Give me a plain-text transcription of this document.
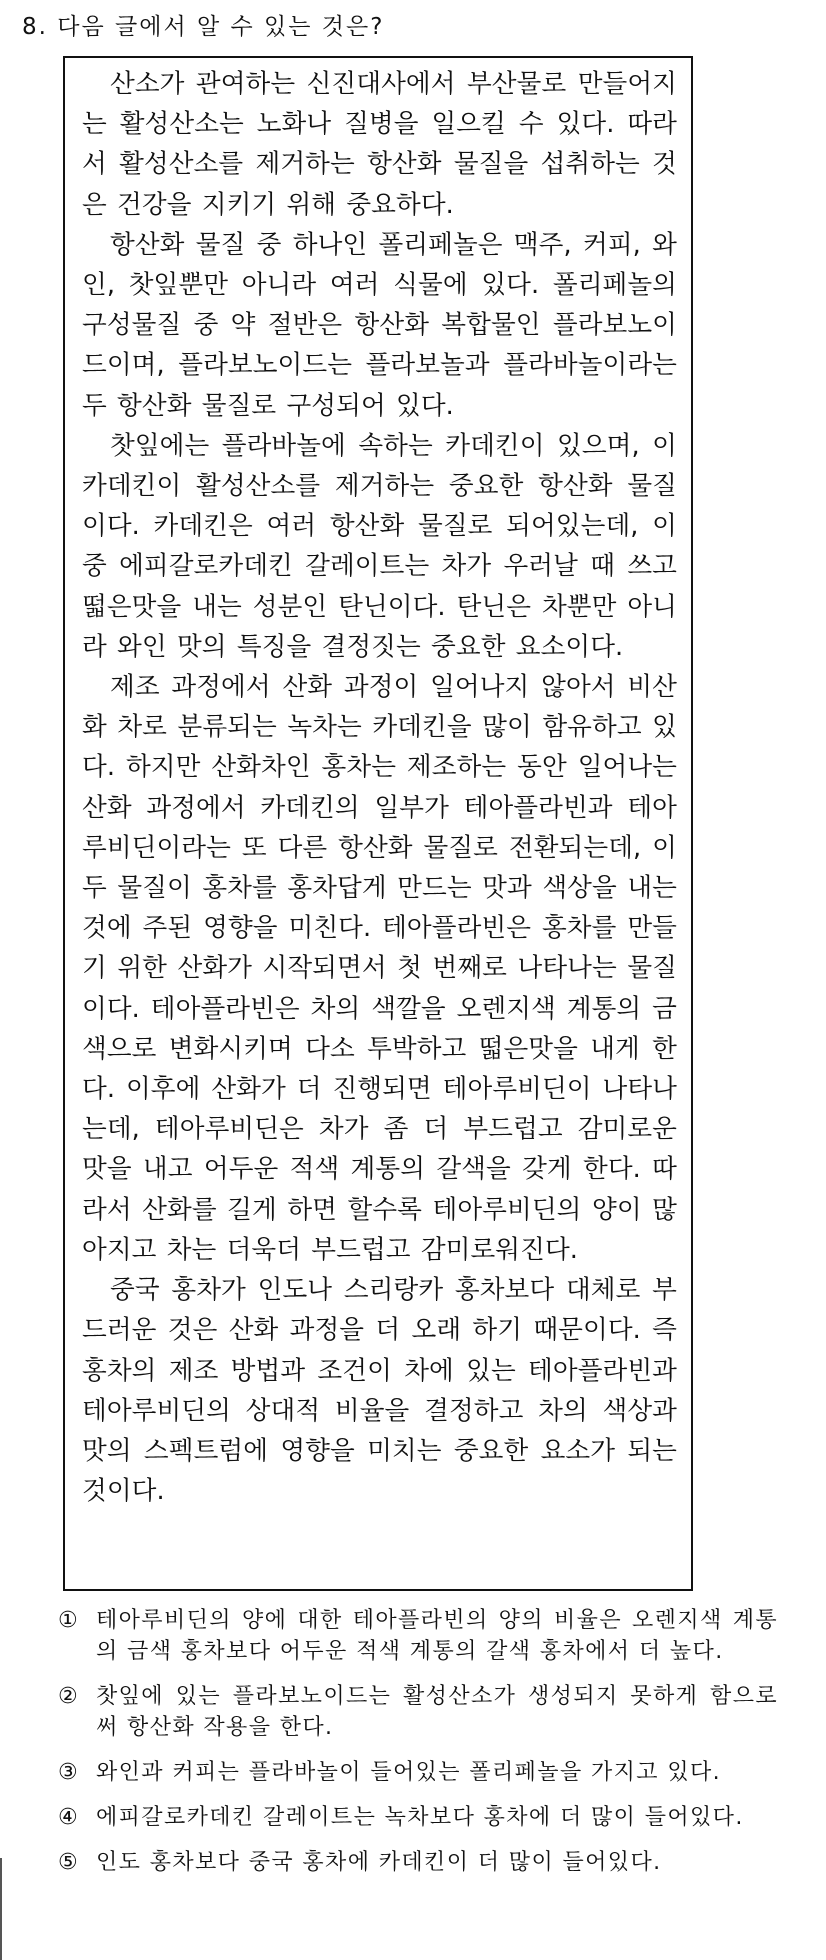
8. 다음 글에서 알 수 있는 것은?

산소가 관여하는 신진대사에서 부산물로 만들어지는 활성산소는 노화나 질병을 일으킬 수 있다. 따라서 활성산소를 제거하는 항산화 물질을 섭취하는 것은 건강을 지키기 위해 중요하다.

항산화 물질 중 하나인 폴리페놀은 맥주, 커피, 와인, 찻잎뿐만 아니라 여러 식물에 있다. 폴리페놀의 구성물질 중 약 절반은 항산화 복합물인 플라보노이드이며, 플라보노이드는 플라보놀과 플라바놀이라는 두 항산화 물질로 구성되어 있다.

찻잎에는 플라바놀에 속하는 카데킨이 있으며, 이 카데킨이 활성산소를 제거하는 중요한 항산화 물질이다. 카데킨은 여러 항산화 물질로 되어있는데, 이중 에피갈로카데킨 갈레이트는 차가 우러날 때 쓰고 떫은맛을 내는 성분인 탄닌이다. 탄닌은 차뿐만 아니라 와인 맛의 특징을 결정짓는 중요한 요소이다.

제조 과정에서 산화 과정이 일어나지 않아서 비산화 차로 분류되는 녹차는 카데킨을 많이 함유하고 있다. 하지만 산화차인 홍차는 제조하는 동안 일어나는 산화 과정에서 카데킨의 일부가 테아플라빈과 테아루비딘이라는 또 다른 항산화 물질로 전환되는데, 이 두 물질이 홍차를 홍차답게 만드는 맛과 색상을 내는 것에 주된 영향을 미친다. 테아플라빈은 홍차를 만들기 위한 산화가 시작되면서 첫 번째로 나타나는 물질이다. 테아플라빈은 차의 색깔을 오렌지색 계통의 금색으로 변화시키며 다소 투박하고 떫은맛을 내게 한다. 이후에 산화가 더 진행되면 테아루비딘이 나타나는데, 테아루비딘은 차가 좀 더 부드럽고 감미로운 맛을 내고 어두운 적색 계통의 갈색을 갖게 한다. 따라서 산화를 길게 하면 할수록 테아루비딘의 양이 많아지고 차는 더욱더 부드럽고 감미로워진다.

중국 홍차가 인도나 스리랑카 홍차보다 대체로 부드러운 것은 산화 과정을 더 오래 하기 때문이다. 즉 홍차의 제조 방법과 조건이 차에 있는 테아플라빈과 테아루비딘의 상대적 비율을 결정하고 차의 색상과 맛의 스펙트럼에 영향을 미치는 중요한 요소가 되는 것이다.

① 테아루비딘의 양에 대한 테아플라빈의 양의 비율은 오렌지색 계통의 금색 홍차보다 어두운 적색 계통의 갈색 홍차에서 더 높다.
② 찻잎에 있는 플라보노이드는 활성산소가 생성되지 못하게 함으로써 항산화 작용을 한다.
③ 와인과 커피는 플라바놀이 들어있는 폴리페놀을 가지고 있다.
④ 에피갈로카데킨 갈레이트는 녹차보다 홍차에 더 많이 들어있다.
⑤ 인도 홍차보다 중국 홍차에 카데킨이 더 많이 들어있다.
